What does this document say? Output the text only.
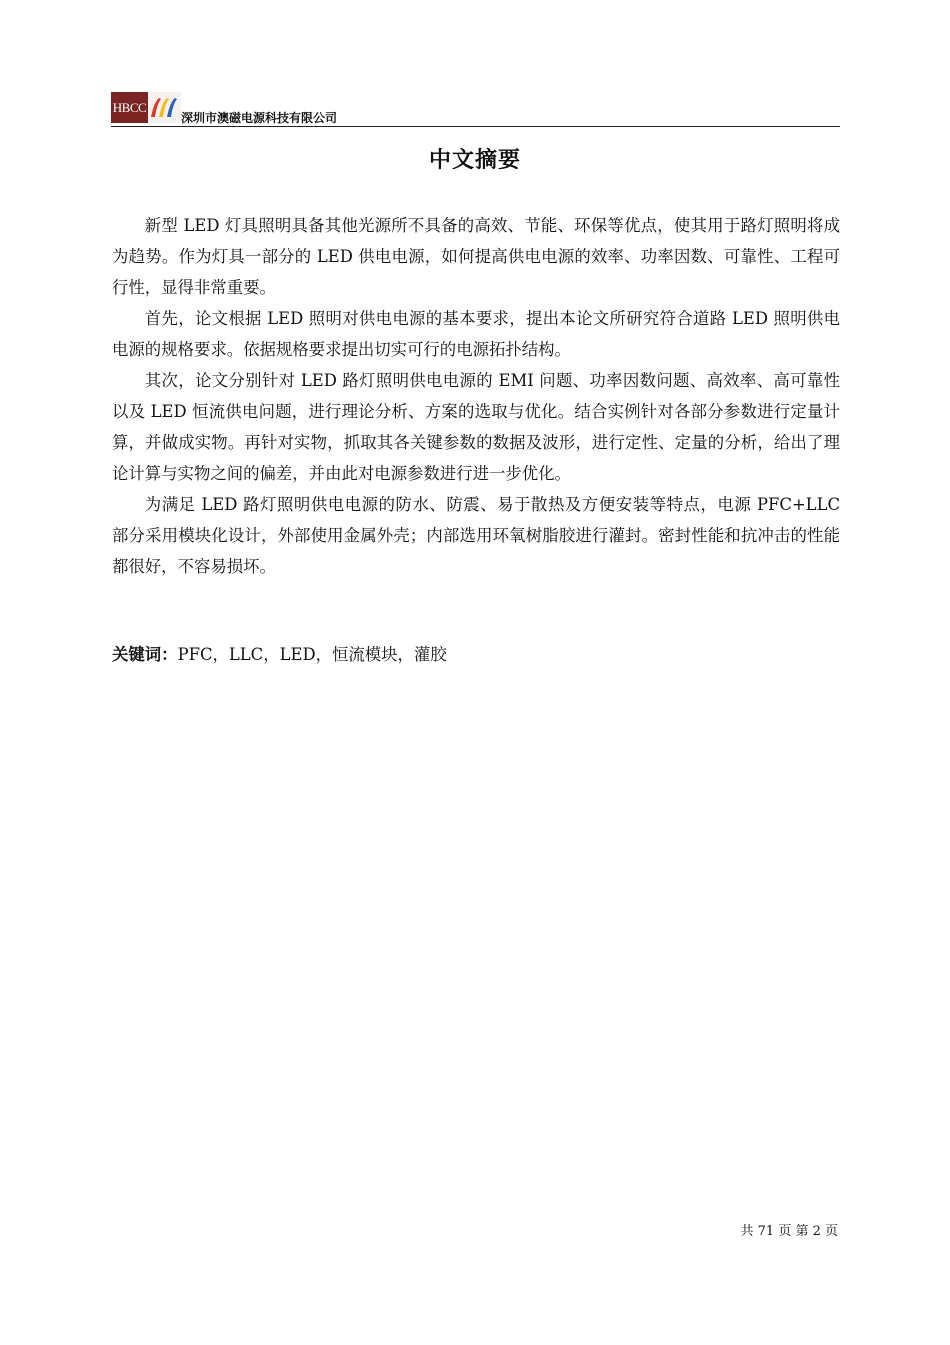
HBCC
深圳市澳磁电源科技有限公司
中文摘要

新型 LED 灯具照明具备其他光源所不具备的高效、节能、环保等优点，使其用于路灯照明将成为趋势。作为灯具一部分的 LED 供电电源，如何提高供电电源的效率、功率因数、可靠性、工程可行性，显得非常重要。

首先，论文根据 LED 照明对供电电源的基本要求，提出本论文所研究符合道路 LED 照明供电电源的规格要求。依据规格要求提出切实可行的电源拓扑结构。

其次，论文分别针对 LED 路灯照明供电电源的 EMI 问题、功率因数问题、高效率、高可靠性以及 LED 恒流供电问题，进行理论分析、方案的选取与优化。结合实例针对各部分参数进行定量计算，并做成实物。再针对实物，抓取其各关键参数的数据及波形，进行定性、定量的分析，给出了理论计算与实物之间的偏差，并由此对电源参数进行进一步优化。

为满足 LED 路灯照明供电电源的防水、防震、易于散热及方便安装等特点，电源 PFC+LLC 部分采用模块化设计，外部使用金属外壳；内部选用环氧树脂胶进行灌封。密封性能和抗冲击的性能都很好，不容易损坏。

关键词：PFC，LLC，LED，恒流模块，灌胶
共 71 页 第 2 页
